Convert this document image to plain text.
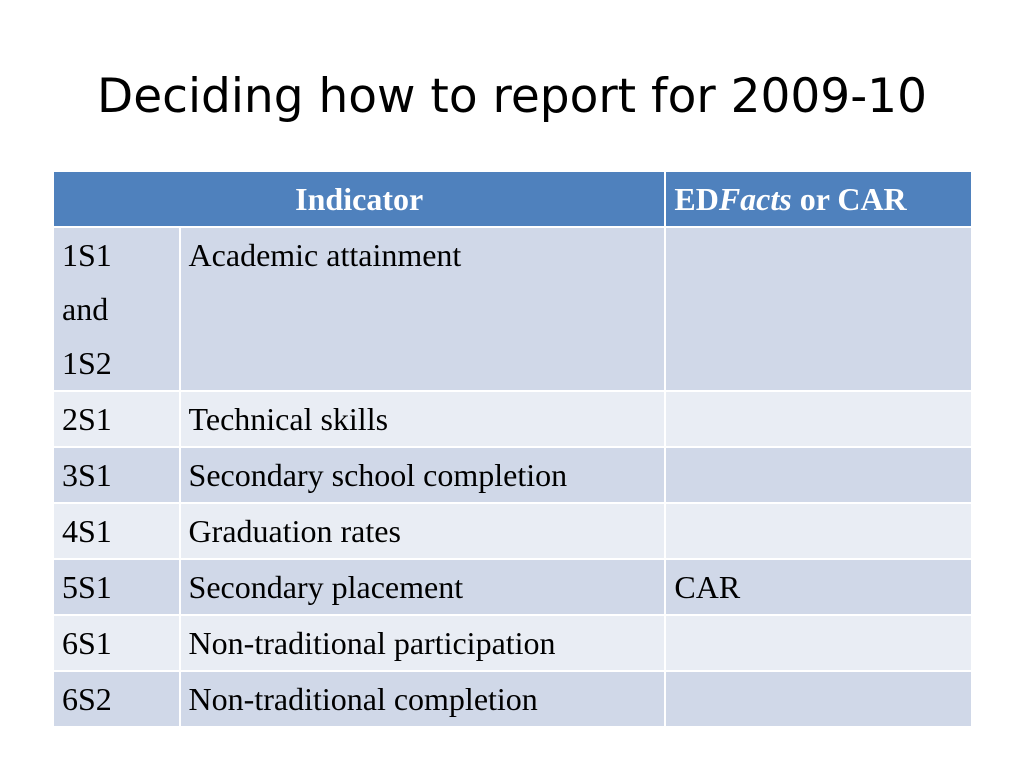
Deciding how to report for 2009-10
Indicator		EDFacts or CAR

1S1
and
1S2	Academic attainment	
2S1	Technical skills	
3S1	Secondary school completion	
4S1	Graduation rates	
5S1	Secondary placement	CAR
6S1	Non-traditional participation	
6S2	Non-traditional completion	
